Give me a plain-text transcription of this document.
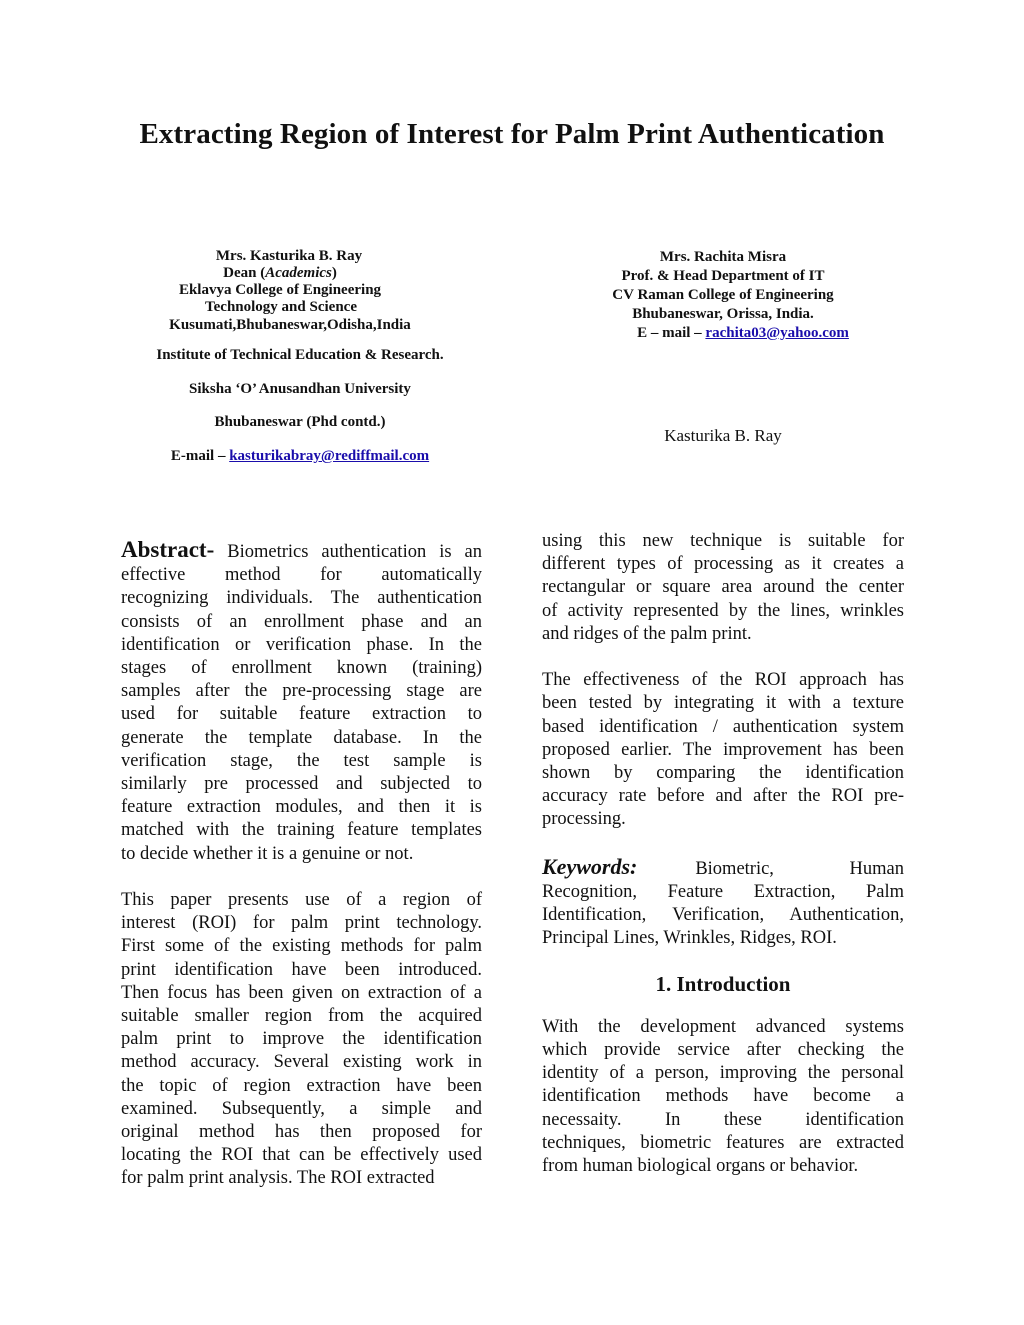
Extracting Region of Interest for Palm Print Authentication
Mrs. Kasturika B. Ray
Dean (Academics)
Eklavya College of Engineering
Technology and Science
Kusumati,Bhubaneswar,Odisha,India
Institute of Technical Education & Research.
Siksha ‘O’ Anusandhan University
Bhubaneswar (Phd contd.)
E-mail – kasturikabray@rediffmail.com
Mrs. Rachita Misra
Prof. & Head Department of IT
CV Raman College of Engineering
Bhubaneswar, Orissa, India.
E – mail – rachita03@yahoo.com
Kasturika B. Ray
Abstract- Biometrics authentication is an
effective method for automatically
recognizing individuals. The authentication
consists of an enrollment phase and an
identification or verification phase. In the
stages of enrollment known (training)
samples after the pre-processing stage are
used for suitable feature extraction to
generate the template database. In the
verification stage, the test sample is
similarly pre processed and subjected to
feature extraction modules, and then it is
matched with the training feature templates
to decide whether it is a genuine or not.
This paper presents use of a region of
interest (ROI) for palm print technology.
First some of the existing methods for palm
print identification have been introduced.
Then focus has been given on extraction of a
suitable smaller region from the acquired
palm print to improve the identification
method accuracy. Several existing work in
the topic of region extraction have been
examined. Subsequently, a simple and
original method has then proposed for
locating the ROI that can be effectively used
for palm print analysis. The ROI extracted
using this new technique is suitable for
different types of processing as it creates a
rectangular or square area around the center
of activity represented by the lines, wrinkles
and ridges of the palm print.
The effectiveness of the ROI approach has
been tested by integrating it with a texture
based identification / authentication system
proposed earlier. The improvement has been
shown by comparing the identification
accuracy rate before and after the ROI pre-
processing.
Keywords:	Biometric, Human
Recognition, Feature Extraction, Palm
Identification, Verification, Authentication,
Principal Lines, Wrinkles, Ridges, ROI.
1. Introduction
With the development advanced systems
which provide service after checking the
identity of a person, improving the personal
identification methods have become a
necessaity. In these identification
techniques, biometric features are extracted
from human biological organs or behavior.
